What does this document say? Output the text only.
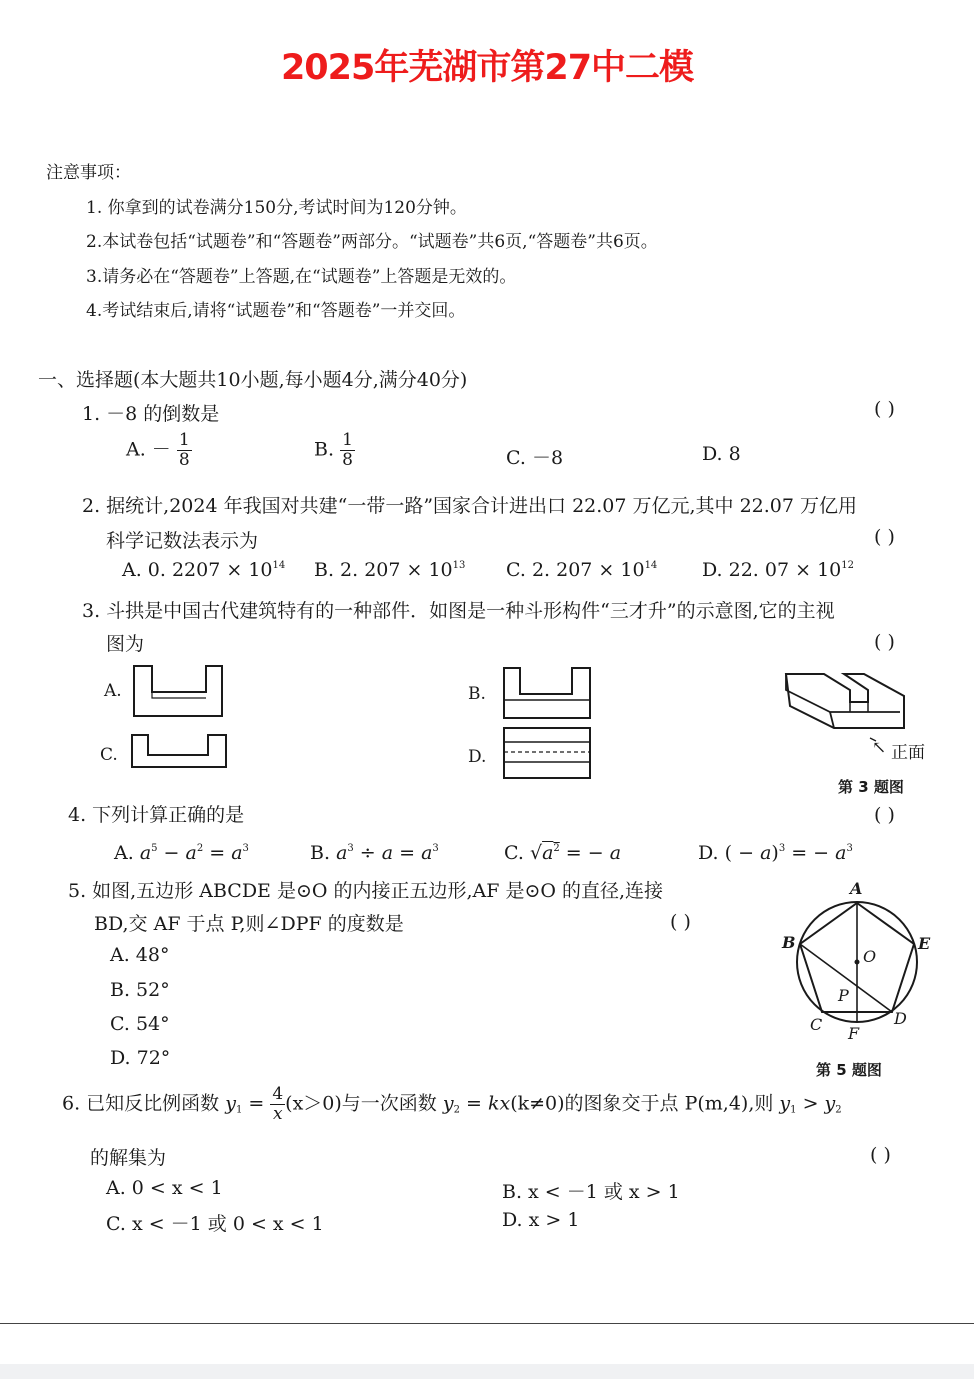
2025年芜湖市第27中二模
注意事项：
1. 你拿到的试卷满分150分,考试时间为120分钟。
2.本试卷包括“试题卷”和“答题卷”两部分。“试题卷”共6页,“答题卷”共6页。
3.请务必在“答题卷”上答题,在“试题卷”上答题是无效的。
4.考试结束后,请将“试题卷”和“答题卷”一并交回。
一、选择题(本大题共10小题,每小题4分,满分40分)
1. －8 的倒数是	( )
A. － $\frac{1}{8}$	B. $\frac{1}{8}$	C. －8	D. 8
2. 据统计,2024 年我国对共建“一带一路”国家合计进出口 22.07 万亿元,其中 22.07 万亿用
科学记数法表示为	( )
A. 0. $2207 \times 10^{14}$ B. 2. $207 \times 10^{13}$ C. 2. $207 \times 10^{14}$ D. 22. $07 \times 10^{12}$
3. 斗拱是中国古代建筑特有的一种部件．如图是一种斗形构件“三才升”的示意图,它的主视
图为	( )
A.	B.
C.	D.	↖ 正面
第 3 题图
4. 下列计算正确的是	( )
A. $a^5 - a^2 = a^3$	B. $a^3 \div a = a^3$	C. $√a^2$ = − a	D. ( − a)$^3$ = − $a^3$
5. 如图,五边形 ABCDE 是⊙O 的内接正五边形,AF 是⊙O 的直径,连接
BD,交 AF 于点 P,则∠DPF 的度数是	( )
A. 48°
B. 52°
C. 54°
D. 72°
A
B	E
O
P
C	D
F
第 5 题图
6. 已知反比例函数 $y_1 = \frac{4}{x} (x>0)$与一次函数 $y_2 = kx(k\ne 0)$的图象交于点 P(m,4),则 $y_1 > y_2$
的解集为	( )
A. 0 < x < 1	B. x < －1 或 x > 1
C. x < －1 或 0 < x < 1	D. x > 1
